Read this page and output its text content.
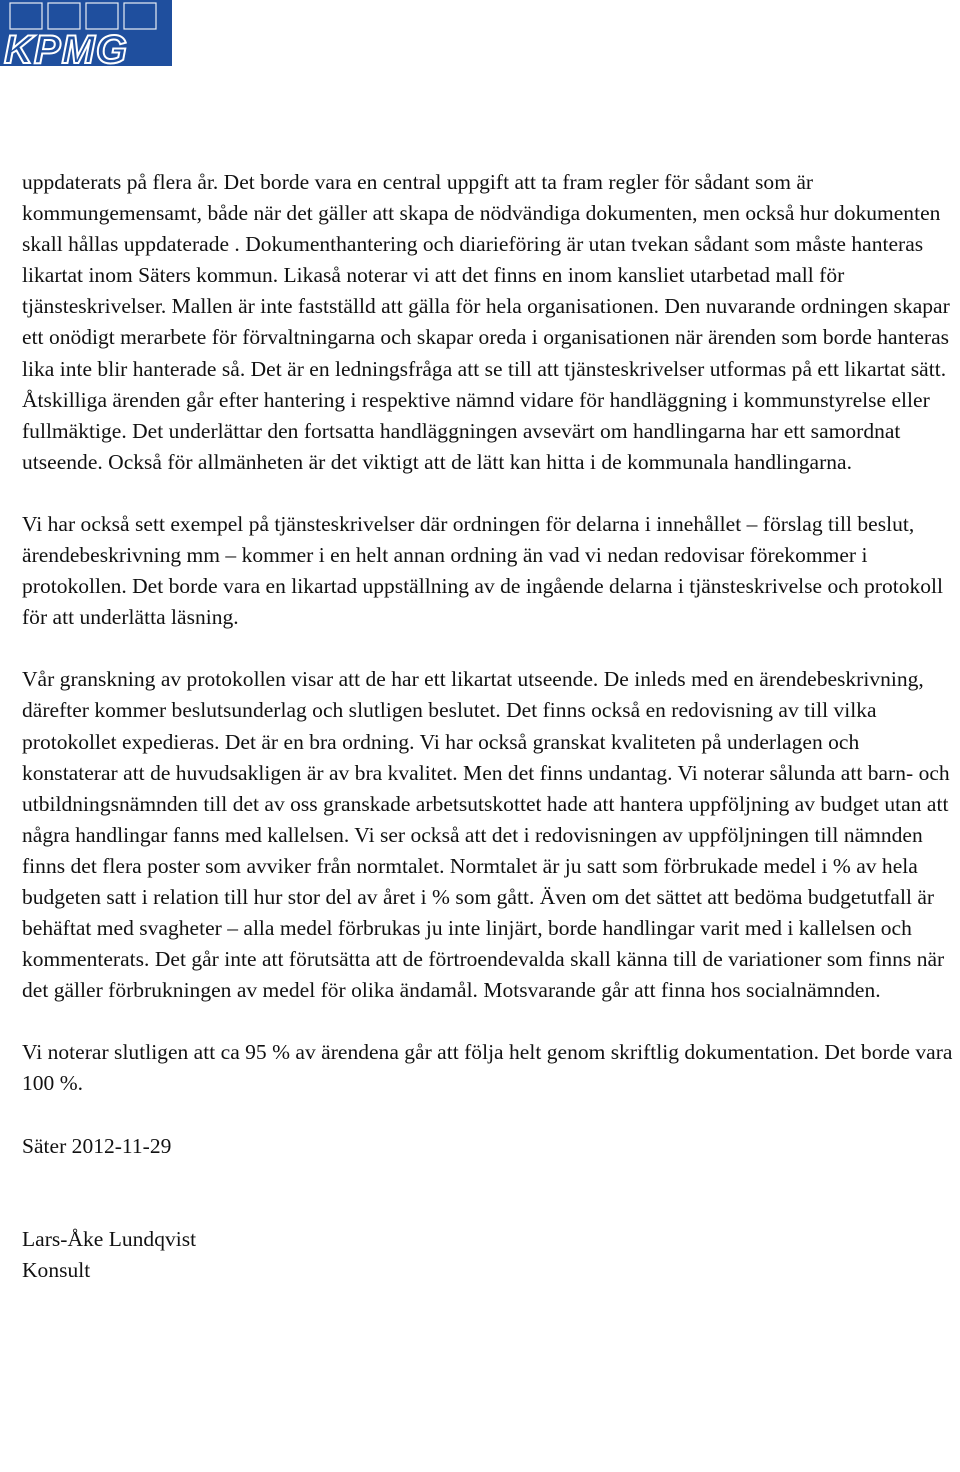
KPMG

uppdaterats på flera år. Det borde vara en central uppgift att ta fram regler för sådant som är kommungemensamt, både när det gäller att skapa de nödvändiga dokumenten, men också hur dokumenten skall hållas uppdaterade . Dokumenthantering och diarieföring är utan tvekan sådant som måste hanteras likartat inom Säters kommun. Likaså noterar vi att det finns en inom kansliet utarbetad mall för tjänsteskrivelser. Mallen är inte fastställd att gälla för hela organisationen. Den nuvarande ordningen skapar ett onödigt merarbete för förvaltningarna och skapar oreda i organisationen när ärenden som borde hanteras lika inte blir hanterade så. Det är en ledningsfråga att se till att tjänsteskrivelser utformas på ett likartat sätt. Åtskilliga ärenden går efter hantering i respektive nämnd vidare för handläggning i kommunstyrelse eller fullmäktige. Det underlättar den fortsatta handläggningen avsevärt om handlingarna har ett samordnat utseende. Också för allmänheten är det viktigt att de lätt kan hitta i de kommunala handlingarna.

Vi har också sett exempel på tjänsteskrivelser där ordningen för delarna i innehållet – förslag till beslut, ärendebeskrivning mm – kommer i en helt annan ordning än vad vi nedan redovisar förekommer i protokollen. Det borde vara en likartad uppställning av de ingående delarna i tjänsteskrivelse och protokoll för att underlätta läsning.

Vår granskning av protokollen visar att de har ett likartat utseende. De inleds med en ärendebeskrivning, därefter kommer beslutsunderlag och slutligen beslutet. Det finns också en redovisning av till vilka protokollet expedieras. Det är en bra ordning. Vi har också granskat kvaliteten på underlagen och konstaterar att de huvudsakligen är av bra kvalitet. Men det finns undantag. Vi noterar sålunda att barn- och utbildningsnämnden till det av oss granskade arbetsutskottet hade att hantera uppföljning av budget utan att några handlingar fanns med kallelsen. Vi ser också att det i redovisningen av uppföljningen till nämnden finns det flera poster som avviker från normtalet. Normtalet är ju satt som förbrukade medel i % av hela budgeten satt i relation till hur stor del av året i % som gått. Även om det sättet att bedöma budgetutfall är behäftat med svagheter – alla medel förbrukas ju inte linjärt, borde handlingar varit med i kallelsen och kommenterats. Det går inte att förutsätta att de förtroendevalda skall känna till de variationer som finns när det gäller förbrukningen av medel för olika ändamål. Motsvarande går att finna hos socialnämnden.

Vi noterar slutligen att ca 95 % av ärendena går att följa helt genom skriftlig dokumentation. Det borde vara 100 %.

Säter 2012-11-29

Lars-Åke Lundqvist
Konsult
